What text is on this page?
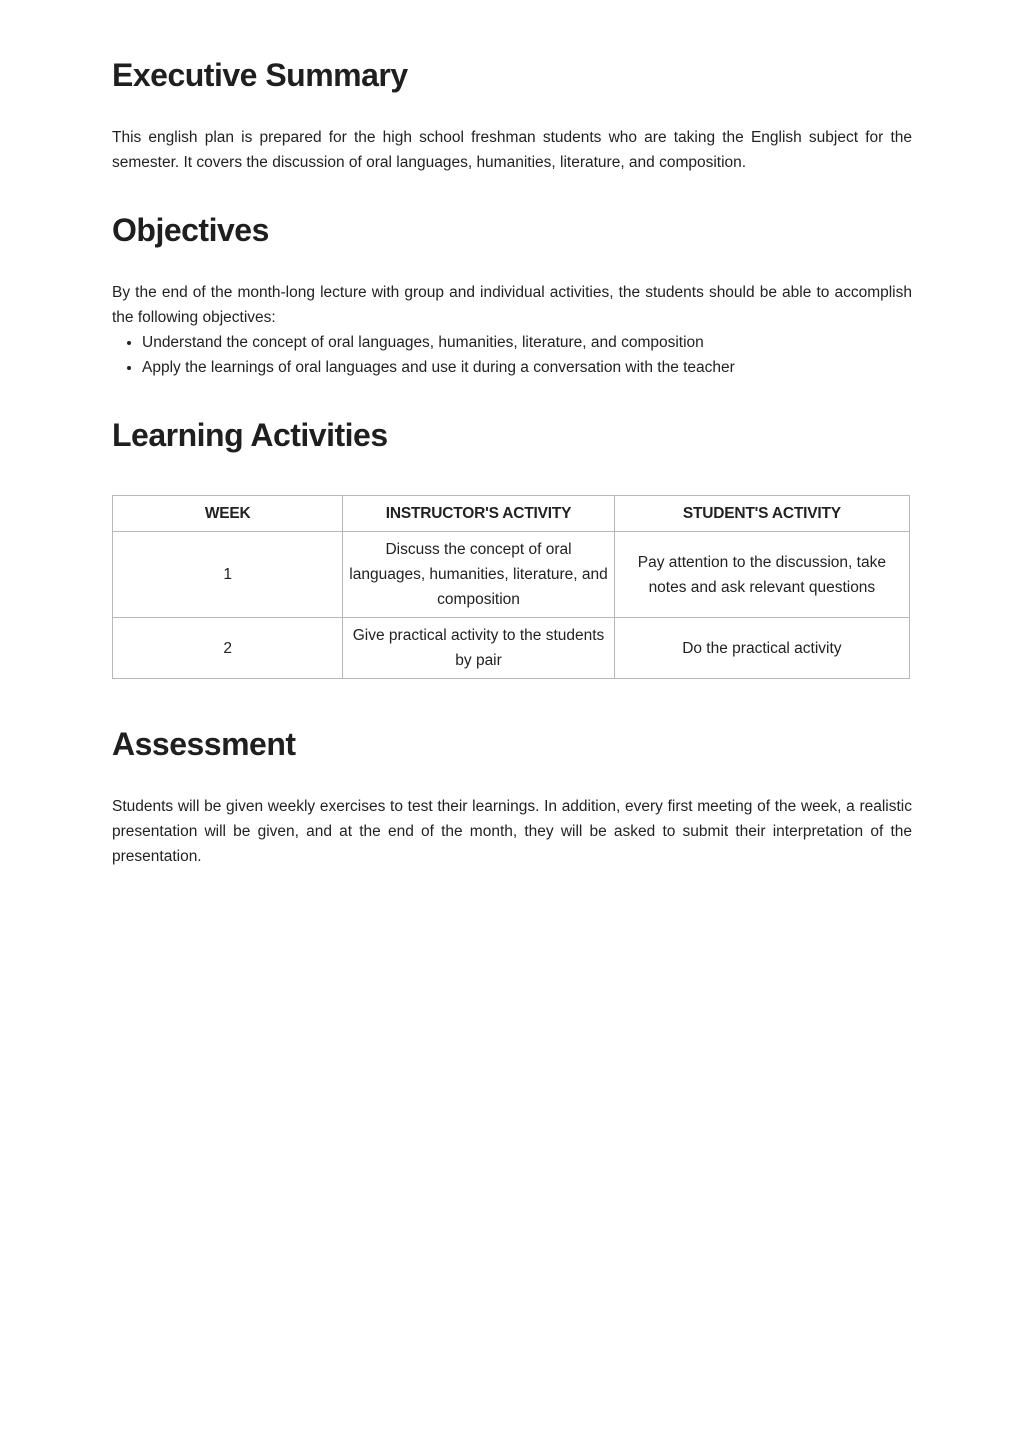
Executive Summary

This english plan is prepared for the high school freshman students who are taking the English subject for the semester. It covers the discussion of oral languages, humanities, literature, and composition.

Objectives

By the end of the month-long lecture with group and individual activities, the students should be able to accomplish the following objectives:

• Understand the concept of oral languages, humanities, literature, and composition
• Apply the learnings of oral languages and use it during a conversation with the teacher
Learning Activities
WEEK	INSTRUCTOR'S ACTIVITY	STUDENT'S ACTIVITY
1	Discuss the concept of oral languages, humanities, literature, and composition	Pay attention to the discussion, take notes and ask relevant questions
2	Give practical activity to the students by pair	Do the practical activity
Assessment

Students will be given weekly exercises to test their learnings. In addition, every first meeting of the week, a realistic presentation will be given, and at the end of the month, they will be asked to submit their interpretation of the presentation.
